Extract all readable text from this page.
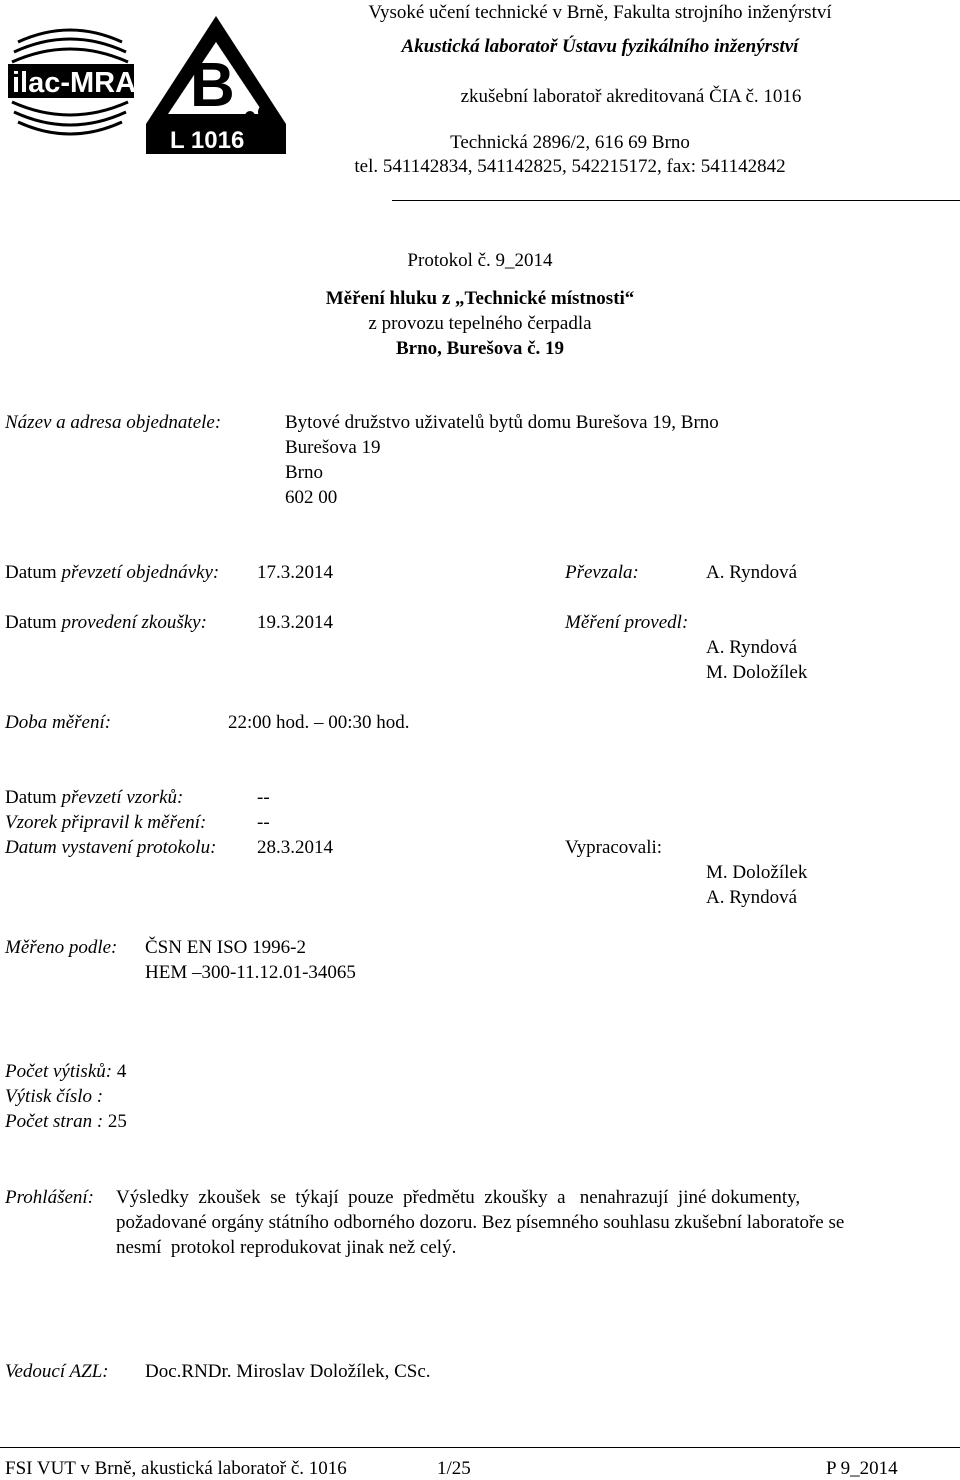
ilac-MRA B
L 1016
Vysoké učení technické v Brně, Fakulta strojního inženýrství
Akustická laboratoř Ústavu fyzikálního inženýrství
zkušební laboratoř akreditovaná ČIA č. 1016
Technická 2896/2, 616 69 Brno
tel. 541142834, 541142825, 542215172, fax: 541142842
Protokol č. 9_2014
Měření hluku z „Technické místnosti“
z provozu tepelného čerpadla
Brno, Burešova č. 19
Název a adresa objednatele:	Bytové družstvo uživatelů bytů domu Burešova 19, Brno
Burešova 19
Brno
602 00
Datum převzetí objednávky: 17.3.2014	Převzala:	A. Ryndová
Datum provedení zkoušky:	19.3.2014	Měření provedl:
A. Ryndová
M. Doložílek
Doba měření:	22:00 hod. – 00:30 hod.
Datum převzetí vzorků:	--
Vzorek připravil k měření:	--
Datum vystavení protokolu: 28.3.2014	Vypracovali:
M. Doložílek
A. Ryndová
Měřeno podle: ČSN EN ISO 1996-2
HEM –300-11.12.01-34065
Počet výtisků: 4
Výtisk číslo :
Počet stran : 25
Prohlášení: Výsledky  zkoušek  se  týkají  pouze  předmětu  zkoušky  a   nenahrazují  jiné dokumenty,
požadované orgány státního odborného dozoru. Bez písemného souhlasu zkušební laboratoře se
nesmí  protokol reprodukovat jinak než celý.
Vedoucí AZL: Doc.RNDr. Miroslav Doložílek, CSc.
FSI VUT v Brně, akustická laboratoř č. 1016	1/25	P 9_2014
